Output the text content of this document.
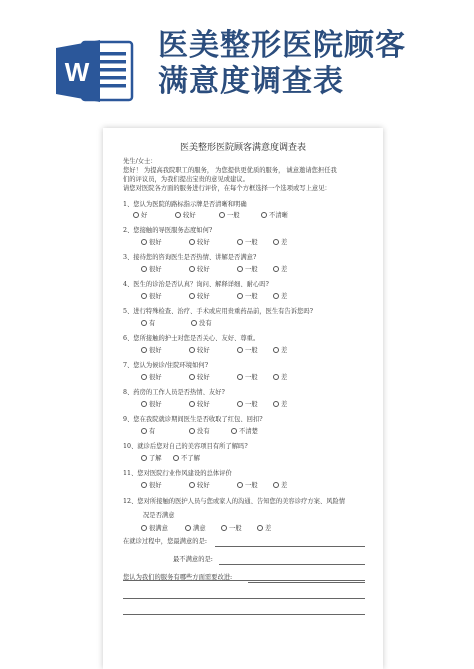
W
医美整形医院顾客
满意度调查表
医美整形医院顾客满意度调查表
先生/女士：
您好！ 为提高我院职工的服务， 为您提供更优质的服务， 诚意邀请您担任我
们的评议员，为我们提出宝贵的意见或建议。
请您对医院各方面的服务进行评价，在每个方框选择一个选项或写上意见：
1、您认为医院的路标指示牌是否清晰和明确
好	较好	一般	不清晰
2、您接触的导医服务态度如何?
很好	较好	一般	差
3、接待您的咨询医生是否热情、讲解是否满意?
很好	较好	一般	差
4、医生的诊治是否认真？询问、解释详细、耐心吗?
很好	较好	一般	差
5、进行特殊检查、治疗、手术或应用贵重药品前，医生有告诉您吗?
有	没有
6、您所接触的护士对您是否关心、友好、尊重。
很好	较好	一般	差
7、您认为候诊/住院环境如何?
很好	较好	一般	差
8、药房的工作人员是否热情、友好?
很好	较好	一般	差
9、您在我院就诊期间医生是否收取了红包、回扣?
有	没有	不清楚
10、就诊后您对自己的美容项目有所了解吗?
了解	不了解
11、您对医院行业作风建设的总体评价
很好	较好	一般	差
12、您对所接触的医护人员与您或家人的沟通、告知您的美容诊疗方案、风险情
况是否满意
很满意	满意	一般	差
在就诊过程中，您最满意的是:
最不满意的是:
您认为我们的服务有哪些方面需要改进:
